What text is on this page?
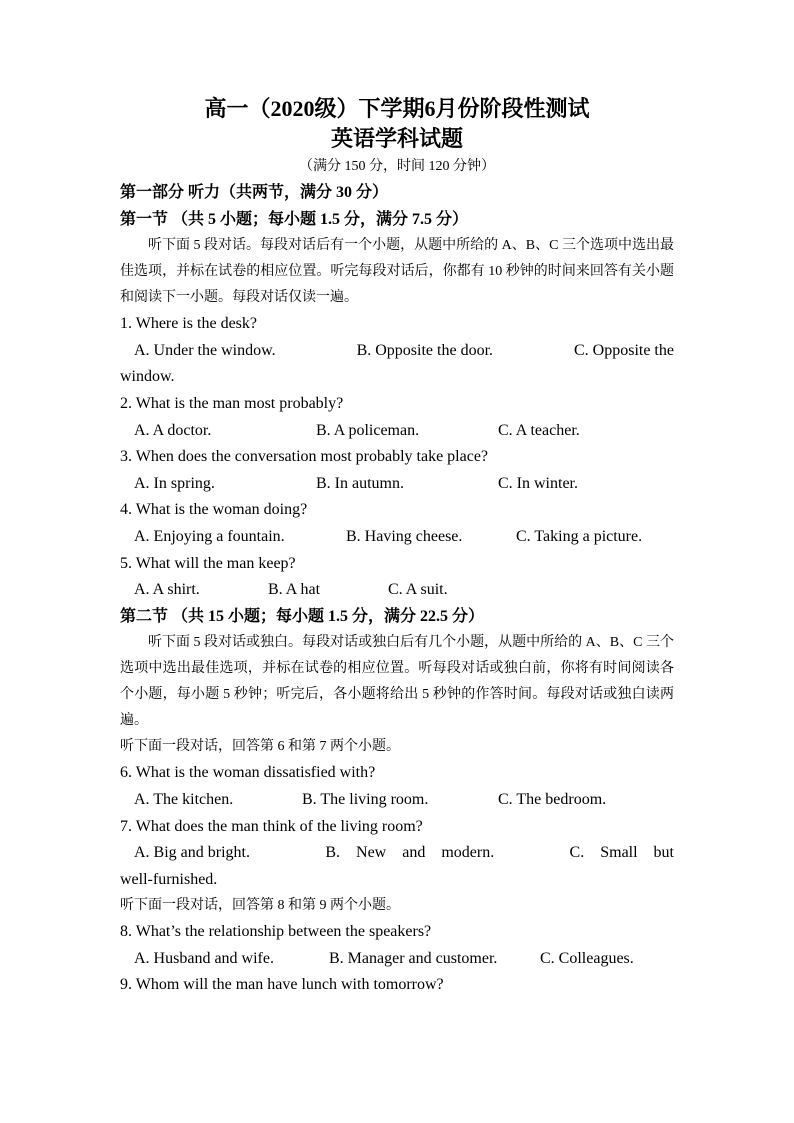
高一（2020级）下学期6月份阶段性测试

英语学科试题

（满分 150 分，时间 120 分钟）

第一部分 听力（共两节，满分 30 分）

第一节 （共 5 小题；每小题 1.5 分，满分 7.5 分）

听下面 5 段对话。每段对话后有一个小题，从题中所给的 A、B、C 三个选项中选出最佳选项，并标在试卷的相应位置。听完每段对话后，你都有 10 秒钟的时间来回答有关小题和阅读下一小题。每段对话仅读一遍。

1. Where is the desk?

A. Under the window.	B. Opposite the door.	C. Opposite the

window.

2. What is the man most probably?

A. A doctor.	B. A policeman.	C. A teacher.

3. When does the conversation most probably take place?

A. In spring.	B. In autumn.	C. In winter.

4. What is the woman doing?

A. Enjoying a fountain.	B. Having cheese.	C. Taking a picture.

5. What will the man keep?

A. A shirt.	B. A hat	C. A suit.

第二节 （共 15 小题；每小题 1.5 分，满分 22.5 分）

听下面 5 段对话或独白。每段对话或独白后有几个小题，从题中所给的 A、B、C 三个选项中选出最佳选项，并标在试卷的相应位置。听每段对话或独白前，你将有时间阅读各个小题，每小题 5 秒钟；听完后，各小题将给出 5 秒钟的作答时间。每段对话或独白读两遍。

听下面一段对话，回答第 6 和第 7 两个小题。

6. What is the woman dissatisfied with?

A. The kitchen.	B. The living room.	C. The bedroom.

7. What does the man think of the living room?

A. Big and bright.	B.    New    and    modern.	C.    Small    but

well-furnished.

听下面一段对话，回答第 8 和第 9 两个小题。

8. What’s the relationship between the speakers?

A. Husband and wife.	B. Manager and customer.	C. Colleagues.

9. Whom will the man have lunch with tomorrow?
